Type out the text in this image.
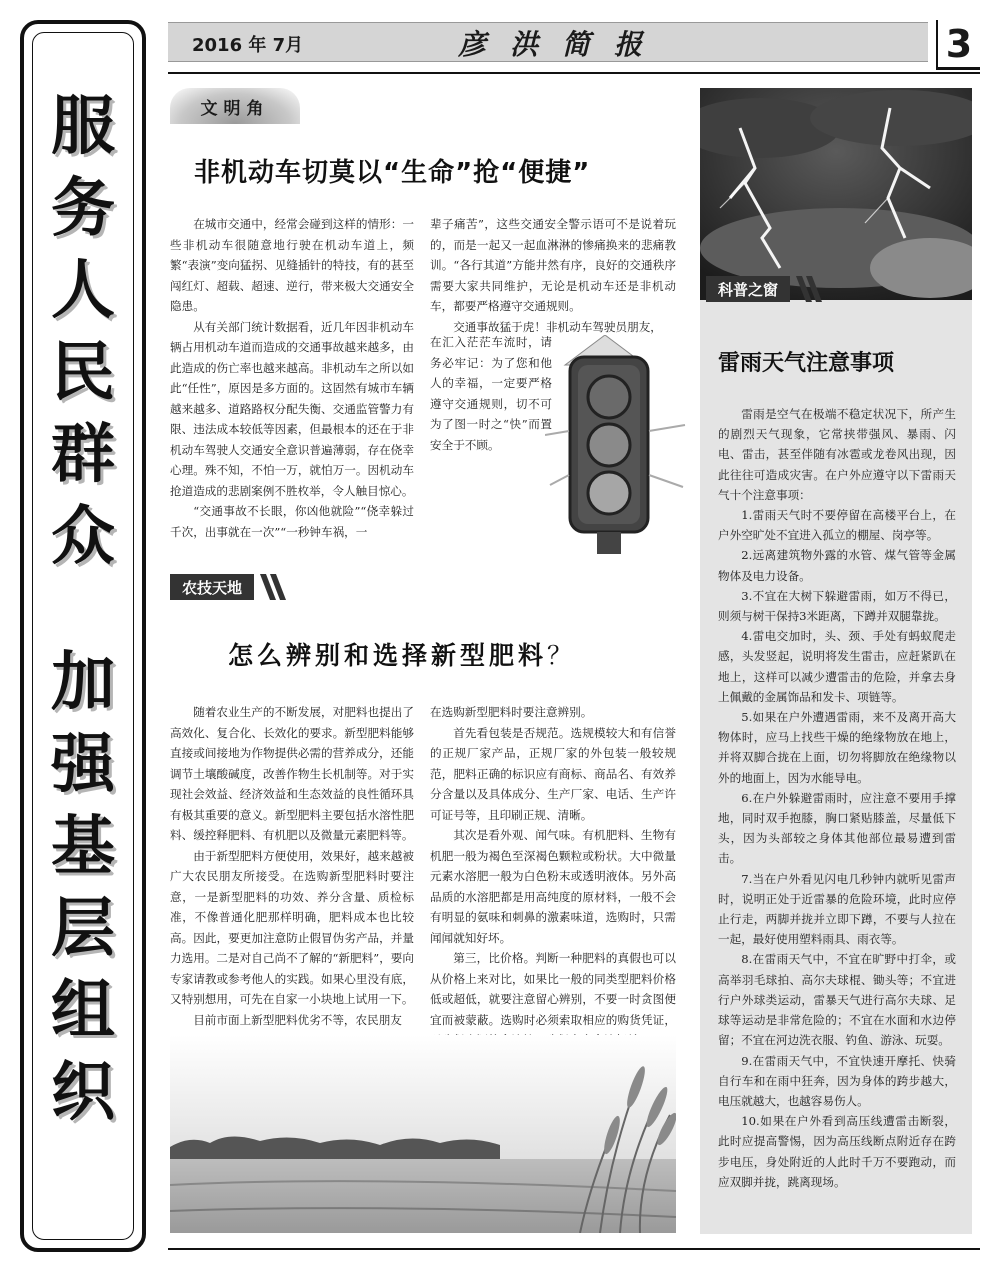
服
务
人
民
群
众
加
强
基
层
组
织
2016 年 7月	彦 洪 简 报	3
文明角
非机动车切莫以“生命”抢“便捷”

在城市交通中，经常会碰到这样的情形：一些非机动车很随意地行驶在机动车道上，频繁“表演”变向猛拐、见缝插针的特技，有的甚至闯红灯、超载、超速、逆行，带来极大交通安全隐患。

从有关部门统计数据看，近几年因非机动车辆占用机动车道而造成的交通事故越来越多，由此造成的伤亡率也越来越高。非机动车之所以如此“任性”，原因是多方面的。这固然有城市车辆越来越多、道路路权分配失衡、交通监管警力有限、违法成本较低等因素，但最根本的还在于非机动车驾驶人交通安全意识普遍薄弱，存在侥幸心理。殊不知，不怕一万，就怕万一。因机动车抢道造成的悲剧案例不胜枚举，令人触目惊心。

“交通事故不长眼，你凶他就险”“侥幸躲过千次，出事就在一次”“一秒钟车祸，一

辈子痛苦”，这些交通安全警示语可不是说着玩的，而是一起又一起血淋淋的惨痛换来的悲痛教训。“各行其道”方能井然有序，良好的交通秩序需要大家共同维护，无论是机动车还是非机动车，都要严格遵守交通规则。

交通事故猛于虎！非机动车驾驶员朋友，

在汇入茫茫车流时，请务必牢记：为了您和他人的幸福，一定要严格遵守交通规则，切不可为了图一时之“快”而置安全于不顾。

农技天地
怎么辨别和选择新型肥料？

随着农业生产的不断发展，对肥料也提出了高效化、复合化、长效化的要求。新型肥料能够直接或间接地为作物提供必需的营养成分，还能调节土壤酸碱度，改善作物生长机制等。对于实现社会效益、经济效益和生态效益的良性循环具有极其重要的意义。新型肥料主要包括水溶性肥料、缓控释肥料、有机肥以及微量元素肥料等。

由于新型肥料方便使用，效果好，越来越被广大农民朋友所接受。在选购新型肥料时要注意，一是新型肥料的功效、养分含量、质检标准，不像普通化肥那样明确，肥料成本也比较高。因此，要更加注意防止假冒伪劣产品，并量力选用。二是对自己尚不了解的“新肥料”，要向专家请教或参考他人的实践。如果心里没有底，又特别想用，可先在自家一小块地上试用一下。

目前市面上新型肥料优劣不等，农民朋友

在选购新型肥料时要注意辨别。

首先看包装是否规范。选规模较大和有信誉的正规厂家产品，正规厂家的外包装一般较规范，肥料正确的标识应有商标、商品名、有效养分含量以及具体成分、生产厂家、电话、生产许可证号等，且印刷正规、清晰。

其次是看外观、闻气味。有机肥料、生物有机肥一般为褐色至深褐色颗粒或粉状。大中微量元素水溶肥一般为白色粉末或透明液体。另外高品质的水溶肥都是用高纯度的原材料，一般不会有明显的氨味和刺鼻的激素味道，选购时，只需闻闻就知好坏。

第三，比价格。判断一种肥料的真假也可以从价格上来对比，如果比一般的同类型肥料价格低或超低，就要注意留心辨别，不要一时贪图便宜而被蒙蔽。选购时必须索取相应的购货凭证，

科普之窗
雷雨天气注意事项

雷雨是空气在极端不稳定状况下，所产生的剧烈天气现象，它常挟带强风、暴雨、闪电、雷击，甚至伴随有冰雹或龙卷风出现，因此往往可造成灾害。在户外应遵守以下雷雨天气十个注意事项：

1.雷雨天气时不要停留在高楼平台上，在户外空旷处不宜进入孤立的棚屋、岗亭等。

2.远离建筑物外露的水管、煤气管等金属物体及电力设备。

3.不宜在大树下躲避雷雨，如万不得已，则须与树干保持3米距离，下蹲并双腿靠拢。

4.雷电交加时，头、颈、手处有蚂蚁爬走感，头发竖起，说明将发生雷击，应赶紧趴在地上，这样可以减少遭雷击的危险，并拿去身上佩戴的金属饰品和发卡、项链等。

5.如果在户外遭遇雷雨，来不及离开高大物体时，应马上找些干燥的绝缘物放在地上，并将双脚合拢在上面，切勿将脚放在绝缘物以外的地面上，因为水能导电。

6.在户外躲避雷雨时，应注意不要用手撑地，同时双手抱膝，胸口紧贴膝盖，尽量低下头，因为头部较之身体其他部位最易遭到雷击。

7.当在户外看见闪电几秒钟内就听见雷声时，说明正处于近雷暴的危险环境，此时应停止行走，两脚并拢并立即下蹲，不要与人拉在一起，最好使用塑料雨具、雨衣等。

8.在雷雨天气中，不宜在旷野中打伞，或高举羽毛球拍、高尔夫球棍、锄头等；不宜进行户外球类运动，雷暴天气进行高尔夫球、足球等运动是非常危险的；不宜在水面和水边停留；不宜在河边洗衣服、钓鱼、游泳、玩耍。

9.在雷雨天气中，不宜快速开摩托、快骑自行车和在雨中狂奔，因为身体的跨步越大，电压就越大，也越容易伤人。

10.如果在户外看到高压线遭雷击断裂，此时应提高警惕，因为高压线断点附近存在跨步电压，身处附近的人此时千万不要跑动，而应双脚并拢，跳离现场。
